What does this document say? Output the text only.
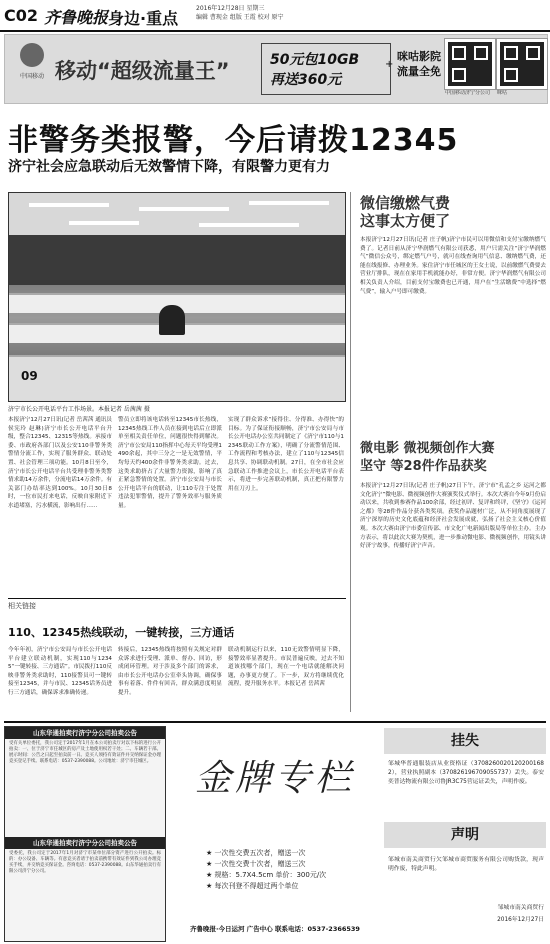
C02 齐鲁晚报 身边·重点
2016年12月28日 星期三
编辑 曹现金 组版 王霞 校对 原宁
中国移动 移动“超级流量王”	50元包10GB
再送360元
+
咪咕影院
流量全免
中国移动济宁分公司	咪咕
非警务类报警，今后请拨12345
济宁社会应急联动后无效警情下降，有限警力更有力
09
济宁市长公开电话平台工作场景。本报记者 岳茜茜 摄
本报济宁12月27日讯(记者 岳茜茜 通讯员 侯宪玲 赵琳)济宁市长公开电话平台升级，整合12345、12315等热线。承接市委、市政府各部门以及公安110非警务类警情分流工作，实现了服务群众、联动处置、社会管理三项功能。10月8日至今，济宁市长公开电话平台共受理非警务类警情求助14万余件，分流电话14万余件。有关部门办结率达到100%。10月30日8时，一位市民打来电话，反映自家附近下水道堵塞，污水横流，影响出行……
警员立即将该电话转至12345市长热线，12345热线工作人员在接到电话后立即派单至相关责任单位，问题很快得到解决。济宁市公安局110指挥中心每天平均受理1490余起，其中三分之一是无效警情，平均每天约400余件非警务类求助。过去，这类求助挤占了大量警力资源，影响了真正紧急警情的处置。济宁市公安局与市长公开电话平台的联动，让110专注于处置违法犯罪警情，提升了警务效率与服务质量。
实现了群众诉求“接得住、分得准、办得快”的目标。为了保证衔接顺畅，济宁市公安局与市长公开电话办公室共同制定了《济宁市110与12345联动工作方案》，明确了分流警情范围、工作流程和考核办法，建立了110与12345信息共享、协调联动机制。27日，在全市社会应急联动工作推进会议上，市长公开电话平台表示，将进一步完善联动机制，真正把有限警力用在刀刃上。
微信缴燃气费
这事太方便了
本报济宁12月27日讯(记者 庄子帆)济宁市民可以用微信和支付宝缴纳燃气费了。记者日前从济宁华润燃气有限公司获悉，用户只需关注“济宁华润燃气”微信公众号，绑定燃气户号，就可在线查询用气信息、缴纳燃气费，还能在线报修、办理业务。家住济宁市任城区的王女士说，以前缴燃气费要去营业厅排队，现在在家用手机就能办好，非常方便。济宁华润燃气有限公司相关负责人介绍，目前支付宝缴费也已开通，用户在“生活缴费”中选择“燃气费”，输入户号即可缴费。
微电影 微视频创作大赛
坚守 等28件作品获奖
本报济宁12月27日讯(记者 庄子帆)27日下午，济宁市“孔孟之乡 运河之都 文化济宁”微电影、微视频创作大赛颁奖仪式举行。本次大赛自今年9月份启动以来，共收到参赛作品100余部，经过初评、复评和终评，《坚守》《运河之都》等28件作品分获各类奖项。获奖作品题材广泛，从不同角度展现了济宁深厚的历史文化底蕴和经济社会发展成就，弘扬了社会主义核心价值观。本次大赛由济宁市委宣传部、市文化广电新闻出版局等单位主办。主办方表示，将以此次大赛为契机，进一步推动微电影、微视频创作，用镜头讲好济宁故事，传播好济宁声音。
相关链接
110、12345热线联动，一键转接，三方通话
今年年初，济宁市公安局与市长公开电话平台建立联动机制，实现110与12345“一键转接、三方通话”。市民拨打110反映非警务类求助时，110接警员可一键转接至12345，并与市民、12345话务员进行三方通话，确保诉求准确传递。
转接后，12345热线将按照有关规定对群众诉求进行受理、派单、督办、回访，形成闭环管理。对于涉及多个部门的诉求，由市长公开电话办公室牵头协调，确保事事有着落、件件有回音，群众满意度明显提升。
联动机制运行以来，110无效警情明显下降，接警效率显著提升。市民普遍反映，过去不知道该找哪个部门，现在一个电话就能解决问题，办事更方便了。下一步，双方将继续优化流程，提升服务水平。本报记者 岳茜茜
山东华通拍卖行济宁分公司拍卖公告
受有关单位委托，我公司定于2017年1月在本公司拍卖厅对以下标的进行公开拍卖：一、位于济宁市任城区的房产及土地使用权若干处；二、车辆若干部。展示时间：公告之日起至拍卖前一日。竞买人须持有效证件并交纳保证金办理竞买登记手续。联系电话：0537-2390088。公司地址：济宁市任城区。
山东华通拍卖行济宁分公司拍卖公告
受委托，我公司定于2017年1月对济宁市某单位部分资产进行公开拍卖。标的：办公设备、车辆等。有意竞买者请于拍卖前携带有效证件到我公司办理竞买手续，并交纳竞买保证金。咨询电话：0537-2390088。山东华通拍卖行有限公司济宁分公司。
金牌专栏
★ 一次性交费五次者，赠送一次
★ 一次性交费十次者，赠送三次
★ 规格：5.7X4.5cm 单价：300元/次
★ 每次刊登不得超过两个单位
齐鲁晚报·今日运河 广告中心 联系电话：0537-2366539
挂失
邹城华普通服装店从业资格证（37082600201202001682），营业执照副本（370826196709055737）丢失。泰安奕普达物流有限公司鲁JR3C75营运证丢失，声明作废。
声明
邹城市南关商贸行欠邹城市商贸服务有限公司购货款，现声明作废，特此声明。
邹城市南关商贸行
2016年12月27日
